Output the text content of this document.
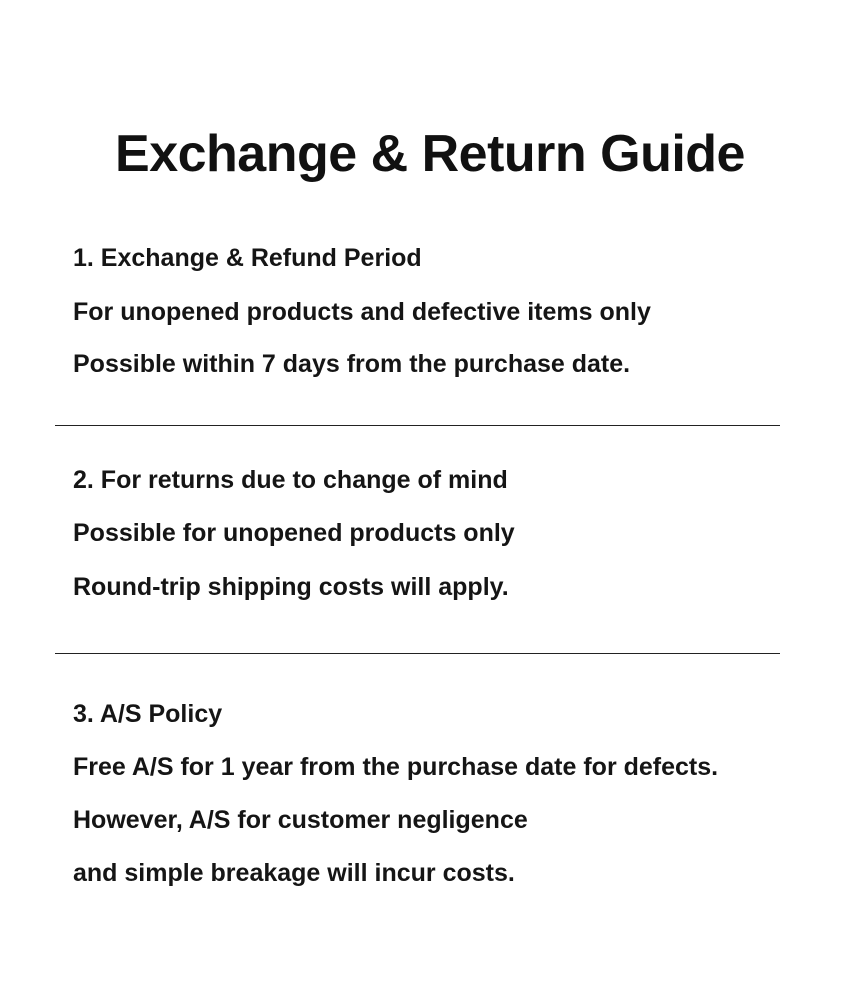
Exchange & Return Guide

1. Exchange & Refund Period

For unopened products and defective items only

Possible within 7 days from the purchase date.

2. For returns due to change of mind

Possible for unopened products only

Round-trip shipping costs will apply.

3. A/S Policy

Free A/S for 1 year from the purchase date for defects.

However, A/S for customer negligence

and simple breakage will incur costs.
